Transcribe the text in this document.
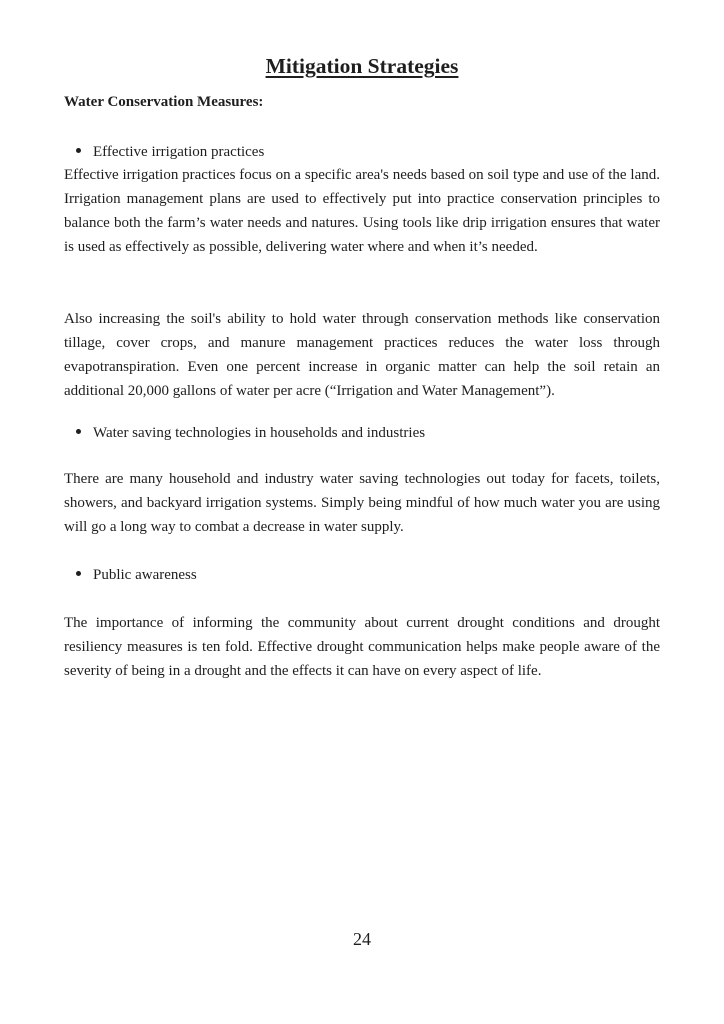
Mitigation Strategies
Water Conservation Measures:
Effective irrigation practices

Effective irrigation practices focus on a specific area's needs based on soil type and use of the land. Irrigation management plans are used to effectively put into practice conservation principles to balance both the farm’s water needs and natures. Using tools like drip irrigation ensures that water is used as effectively as possible, delivering water where and when it’s needed.

Also increasing the soil's ability to hold water through conservation methods like conservation tillage, cover crops, and manure management practices reduces the water loss through evapotranspiration. Even one percent increase in organic matter can help the soil retain an additional 20,000 gallons of water per acre (“Irrigation and Water Management”).

Water saving technologies in households and industries

There are many household and industry water saving technologies out today for facets, toilets, showers, and backyard irrigation systems. Simply being mindful of how much water you are using will go a long way to combat a decrease in water supply.

Public awareness

The importance of informing the community about current drought conditions and drought resiliency measures is ten fold. Effective drought communication helps make people aware of the severity of being in a drought and the effects it can have on every aspect of life.

24
